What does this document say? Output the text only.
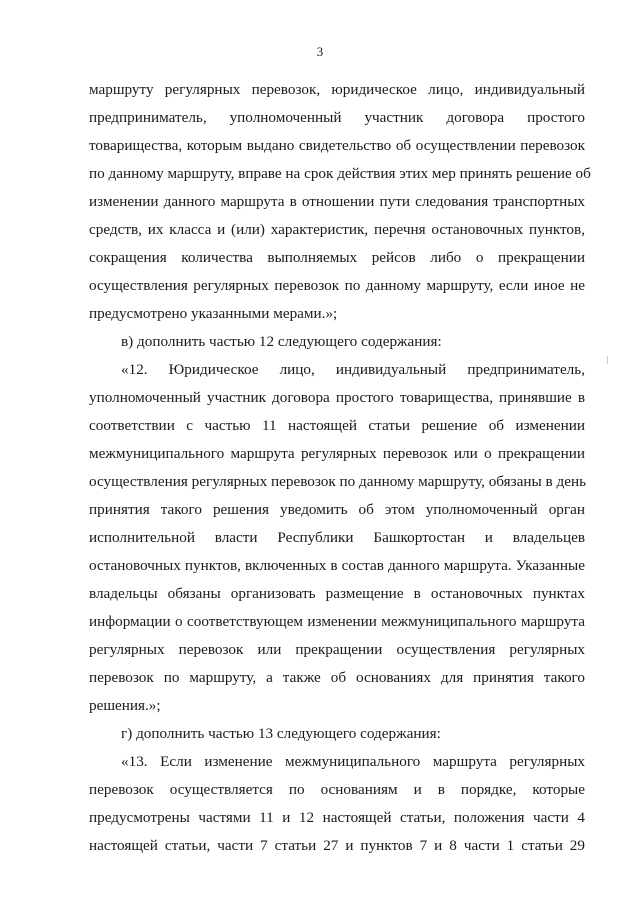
3
маршруту регулярных перевозок, юридическое лицо, индивидуальный
предприниматель, уполномоченный участник договора простого
товарищества, которым выдано свидетельство об осуществлении перевозок
по данному маршруту, вправе на срок действия этих мер принять решение об
изменении данного маршрута в отношении пути следования транспортных
средств, их класса и (или) характеристик, перечня остановочных пунктов,
сокращения количества выполняемых рейсов либо о прекращении
осуществления регулярных перевозок по данному маршруту, если иное не
предусмотрено указанными мерами.»;
в) дополнить частью 12 следующего содержания:
«12. Юридическое лицо, индивидуальный предприниматель,
уполномоченный участник договора простого товарищества, принявшие в
соответствии с частью 11 настоящей статьи решение об изменении
межмуниципального маршрута регулярных перевозок или о прекращении
осуществления регулярных перевозок по данному маршруту, обязаны в день
принятия такого решения уведомить об этом уполномоченный орган
исполнительной власти Республики Башкортостан и владельцев
остановочных пунктов, включенных в состав данного маршрута. Указанные
владельцы обязаны организовать размещение в остановочных пунктах
информации о соответствующем изменении межмуниципального маршрута
регулярных перевозок или прекращении осуществления регулярных
перевозок по маршруту, а также об основаниях для принятия такого
решения.»;
г) дополнить частью 13 следующего содержания:
«13. Если изменение межмуниципального маршрута регулярных
перевозок осуществляется по основаниям и в порядке, которые
предусмотрены частями 11 и 12 настоящей статьи, положения части 4
настоящей статьи, части 7 статьи 27 и пунктов 7 и 8 части 1 статьи 29
